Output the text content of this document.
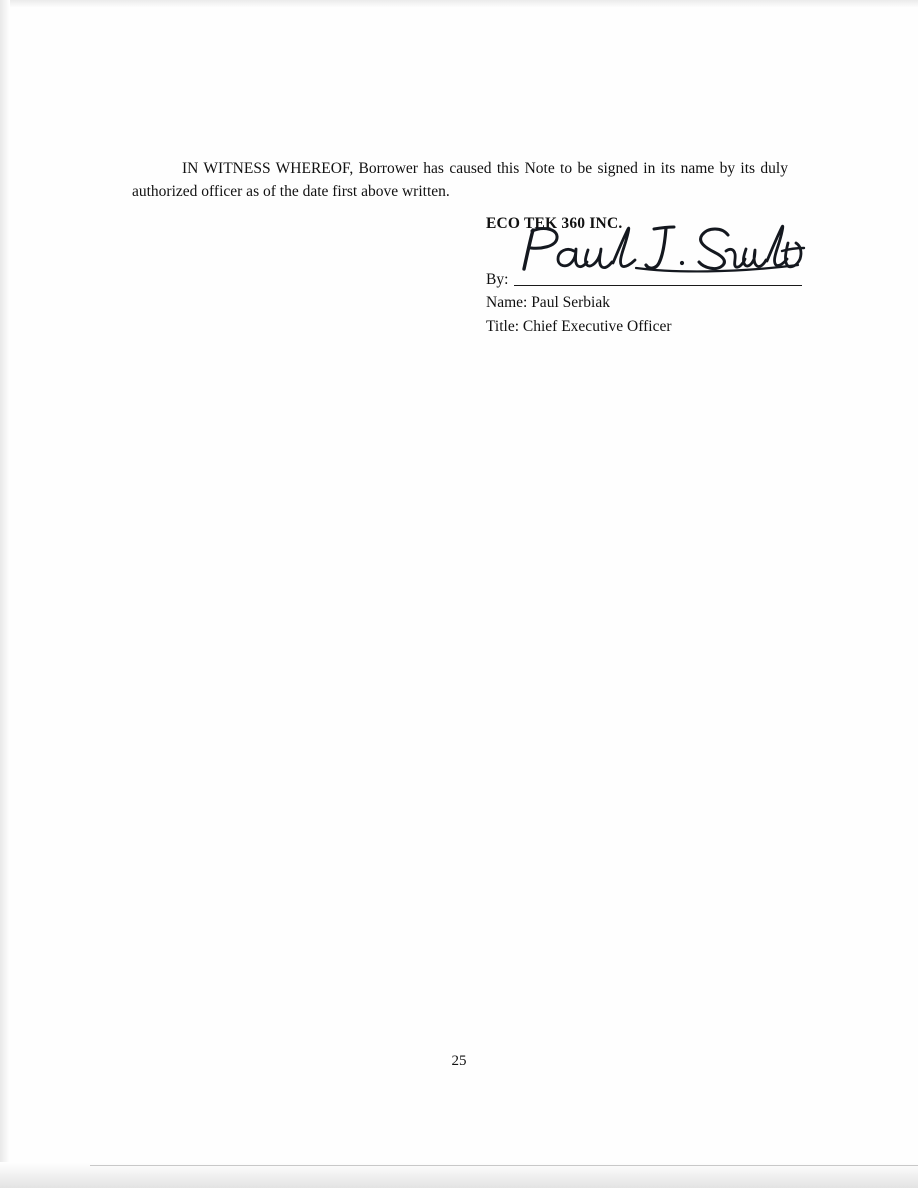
IN WITNESS WHEREOF, Borrower has caused this Note to be signed in its name by its duly authorized officer as of the date first above written.

ECO TEK 360 INC.
By:
Name: Paul Serbiak
Title: Chief Executive Officer
25
